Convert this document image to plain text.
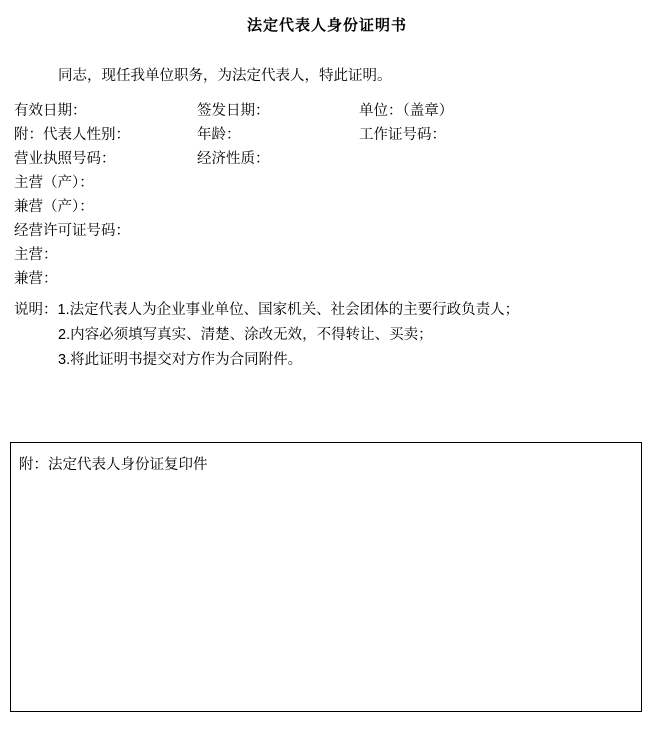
法定代表人身份证明书

同志，现任我单位职务，为法定代表人，特此证明。

有效日期：	签发日期：	单位：（盖章）
附：代表人性别：	年龄：	工作证号码：
营业执照号码：	经济性质：
主营（产）：
兼营（产）：
经营许可证号码：
主营：
兼营：
说明：1.法定代表人为企业事业单位、国家机关、社会团体的主要行政负责人；
2.内容必须填写真实、清楚、涂改无效，不得转让、买卖；
3.将此证明书提交对方作为合同附件。
附：法定代表人身份证复印件
